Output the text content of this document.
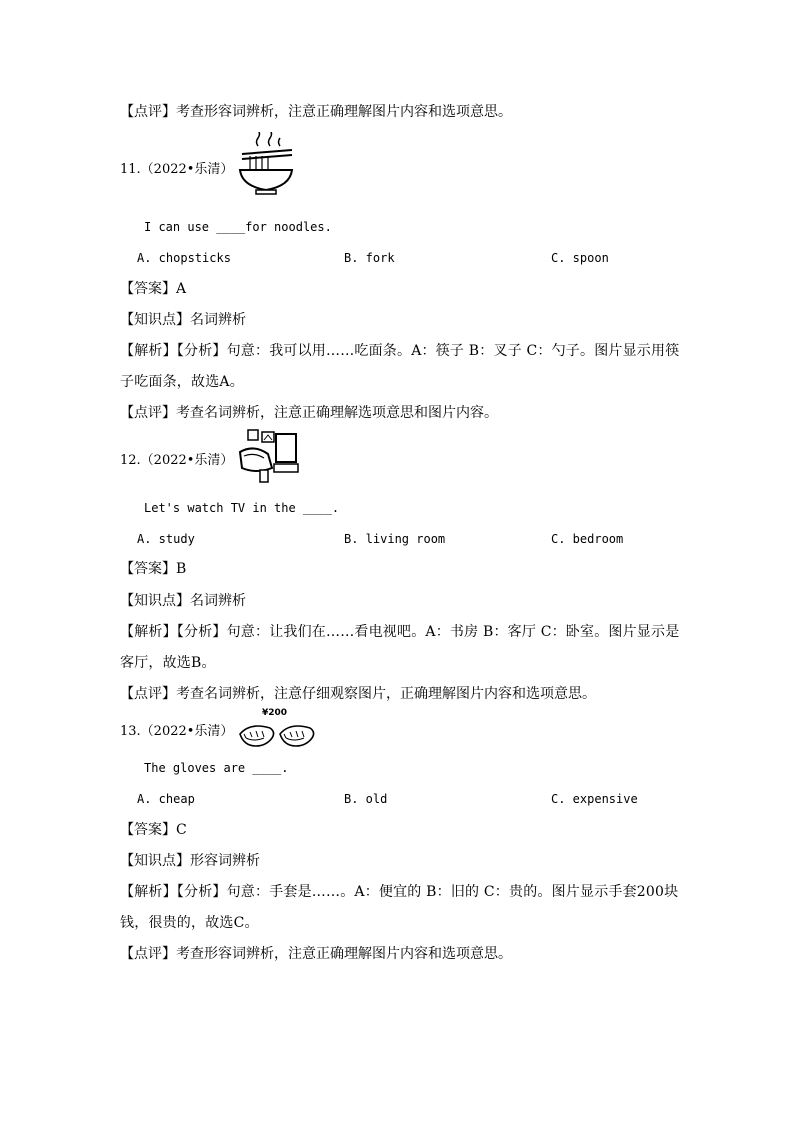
【点评】考查形容词辨析，注意正确理解图片内容和选项意思。
11.（2022•乐清）
I can use ____for noodles.
A. chopsticks	B. fork	C. spoon
【答案】A
【知识点】名词辨析
【解析】【分析】句意：我可以用……吃面条。A：筷子 B：叉子 C：勺子。图片显示用筷子吃面条，故选A。
【点评】考查名词辨析，注意正确理解选项意思和图片内容。
12.（2022•乐清）
Let's watch TV in the ____.
A. study	B. living room	C. bedroom
【答案】B
【知识点】名词辨析
【解析】【分析】句意：让我们在……看电视吧。A：书房 B：客厅 C：卧室。图片显示是客厅，故选B。
【点评】考查名词辨析，注意仔细观察图片，正确理解图片内容和选项意思。
13.（2022•乐清）
¥200
The gloves are ____.
A. cheap	B. old	C. expensive
【答案】C
【知识点】形容词辨析
【解析】【分析】句意：手套是……。A：便宜的 B：旧的 C：贵的。图片显示手套200块钱，很贵的，故选C。
【点评】考查形容词辨析，注意正确理解图片内容和选项意思。
